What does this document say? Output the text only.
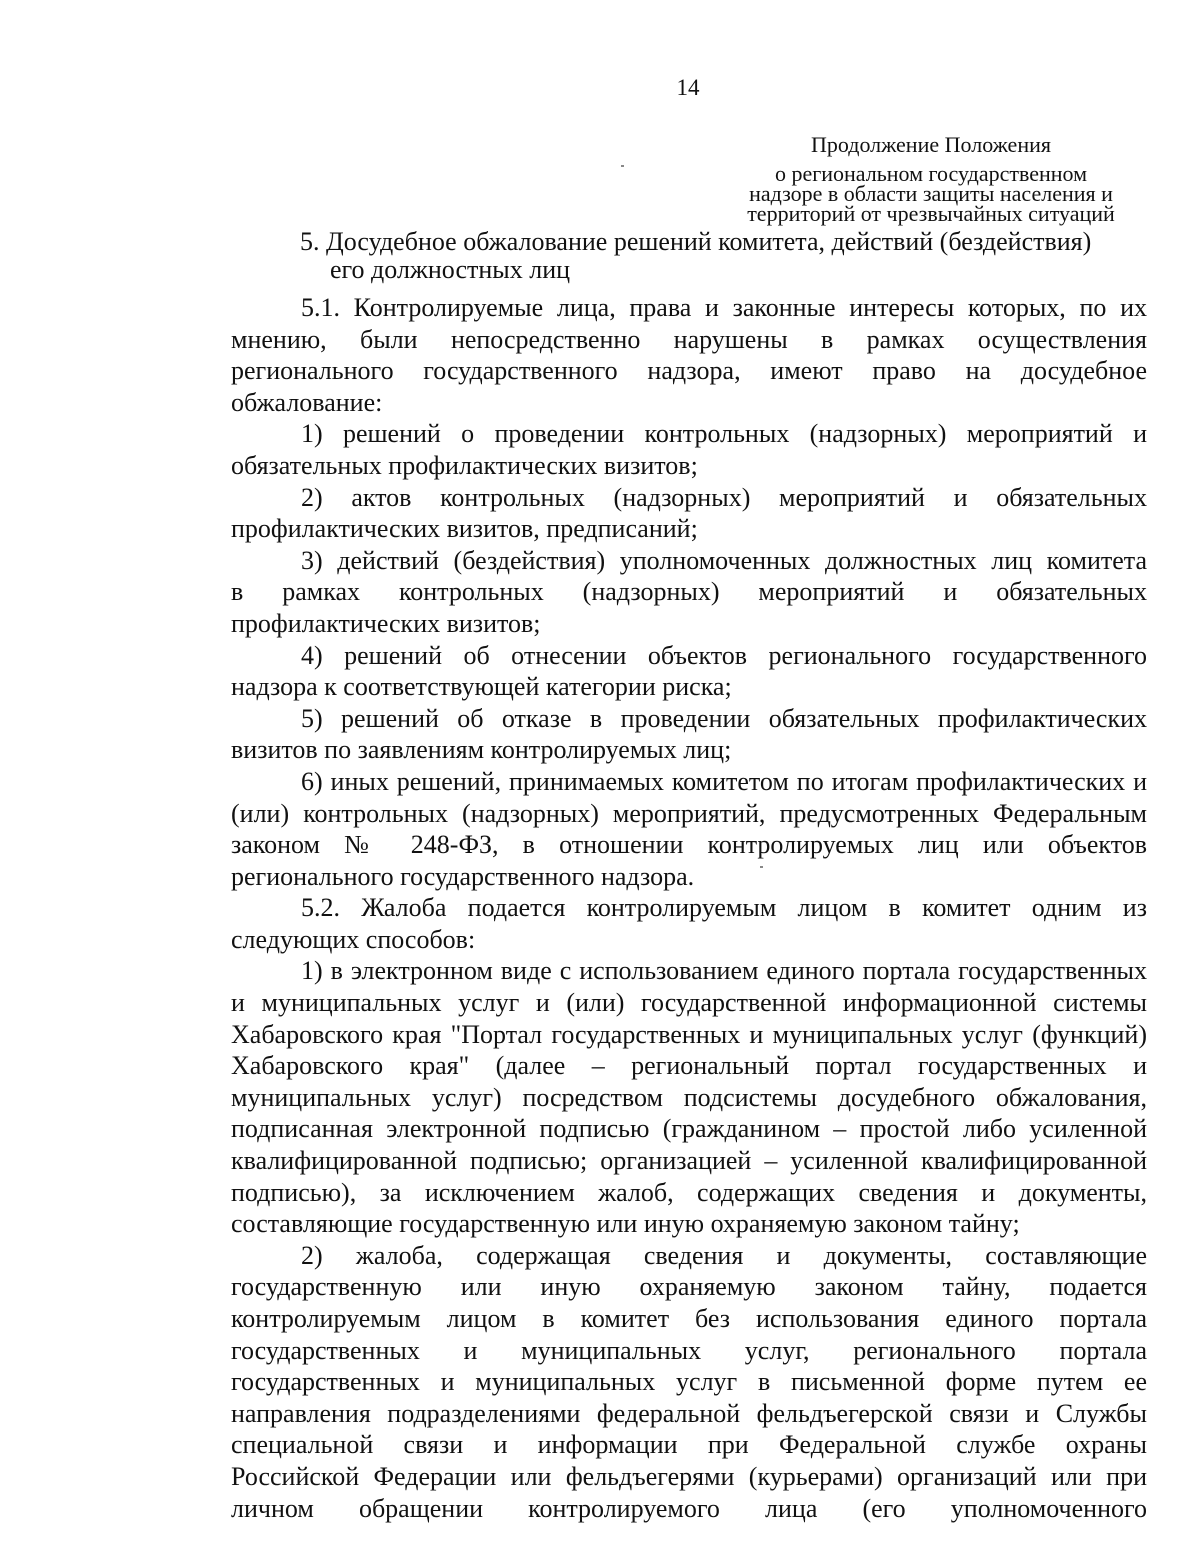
14
Продолжение Положения
о региональном государственном
надзоре в области защиты населения и
территорий от чрезвычайных ситуаций
5. Досудебное обжалование решений комитета, действий (бездействия)
его должностных лиц
5.1. Контролируемые лица, права и законные интересы которых, по их
мнению, были непосредственно нарушены в рамках осуществления
регионального государственного надзора, имеют право на досудебное
обжалование:
1) решений о проведении контрольных (надзорных) мероприятий и
обязательных профилактических визитов;
2) актов контрольных (надзорных) мероприятий и обязательных
профилактических визитов, предписаний;
3) действий (бездействия) уполномоченных должностных лиц комитета
в рамках контрольных (надзорных) мероприятий и обязательных
профилактических визитов;
4) решений об отнесении объектов регионального государственного
надзора к соответствующей категории риска;
5) решений об отказе в проведении обязательных профилактических
визитов по заявлениям контролируемых лиц;
6) иных решений, принимаемых комитетом по итогам профилактических и
(или) контрольных (надзорных) мероприятий, предусмотренных Федеральным
законом № 248-ФЗ, в отношении контролируемых лиц или объектов
регионального государственного надзора.
5.2. Жалоба подается контролируемым лицом в комитет одним из
следующих способов:
1) в электронном виде с использованием единого портала государственных
и муниципальных услуг и (или) государственной информационной системы
Хабаровского края "Портал государственных и муниципальных услуг (функций)
Хабаровского края" (далее – региональный портал государственных и
муниципальных услуг) посредством подсистемы досудебного обжалования,
подписанная электронной подписью (гражданином – простой либо усиленной
квалифицированной подписью; организацией – усиленной квалифицированной
подписью), за исключением жалоб, содержащих сведения и документы,
составляющие государственную или иную охраняемую законом тайну;
2) жалоба, содержащая сведения и документы, составляющие
государственную или иную охраняемую законом тайну, подается
контролируемым лицом в комитет без использования единого портала
государственных и муниципальных услуг, регионального портала
государственных и муниципальных услуг в письменной форме путем ее
направления подразделениями федеральной фельдъегерской связи и Службы
специальной связи и информации при Федеральной службе охраны
Российской Федерации или фельдъегерями (курьерами) организаций или при
личном обращении контролируемого лица (его уполномоченного
